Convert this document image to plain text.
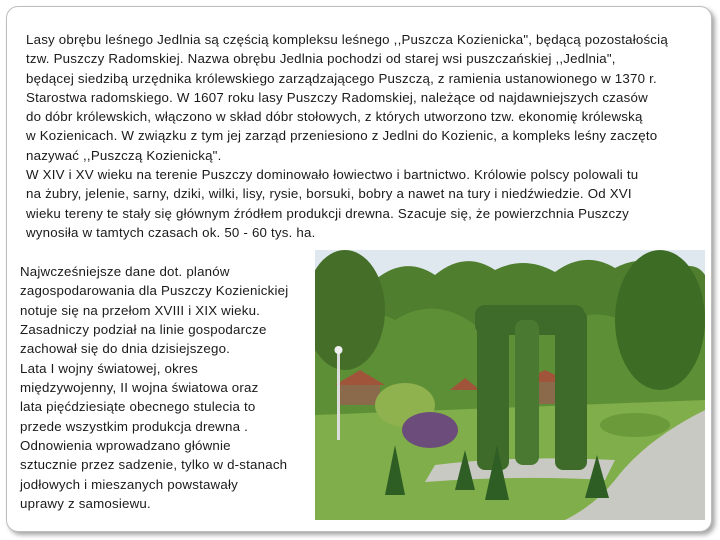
Lasy obrębu leśnego Jedlnia są częścią kompleksu leśnego ,,Puszcza Kozienicka", będącą pozostałością
tzw. Puszczy Radomskiej. Nazwa obrębu Jedlnia pochodzi od starej wsi puszczańskiej ,,Jedlnia",
będącej siedzibą urzędnika królewskiego zarządzającego Puszczą, z ramienia ustanowionego w 1370 r.
Starostwa radomskiego. W 1607 roku lasy Puszczy Radomskiej, należące od najdawniejszych czasów
do dóbr królewskich, włączono w skład dóbr stołowych, z których utworzono tzw. ekonomię królewską
w Kozienicach. W związku z tym jej zarząd przeniesiono z Jedlni do Kozienic, a kompleks leśny zaczęto
nazywać ,,Puszczą Kozienicką".
W XIV i XV wieku na terenie Puszczy dominowało łowiectwo i bartnictwo. Królowie polscy polowali tu
na żubry, jelenie, sarny, dziki, wilki, lisy, rysie, borsuki, bobry a nawet na tury i niedźwiedzie. Od XVI
wieku tereny te stały się głównym źródłem produkcji drewna. Szacuje się, że powierzchnia Puszczy
wynosiła w tamtych czasach ok. 50 - 60 tys. ha.
Najwcześniejsze dane dot. planów
zagospodarowania dla Puszczy Kozienickiej
notuje się na przełom XVIII i XIX wieku.
Zasadniczy podział na linie gospodarcze
zachował się do dnia dzisiejszego.
Lata I wojny światowej, okres
międzywojenny, II wojna światowa oraz
lata pięćdziesiąte obecnego stulecia to
przede wszystkim produkcja drewna .
Odnowienia wprowadzano głównie
sztucznie przez sadzenie, tylko w d-stanach
jodłowych i mieszanych powstawały
uprawy z samosiewu.
